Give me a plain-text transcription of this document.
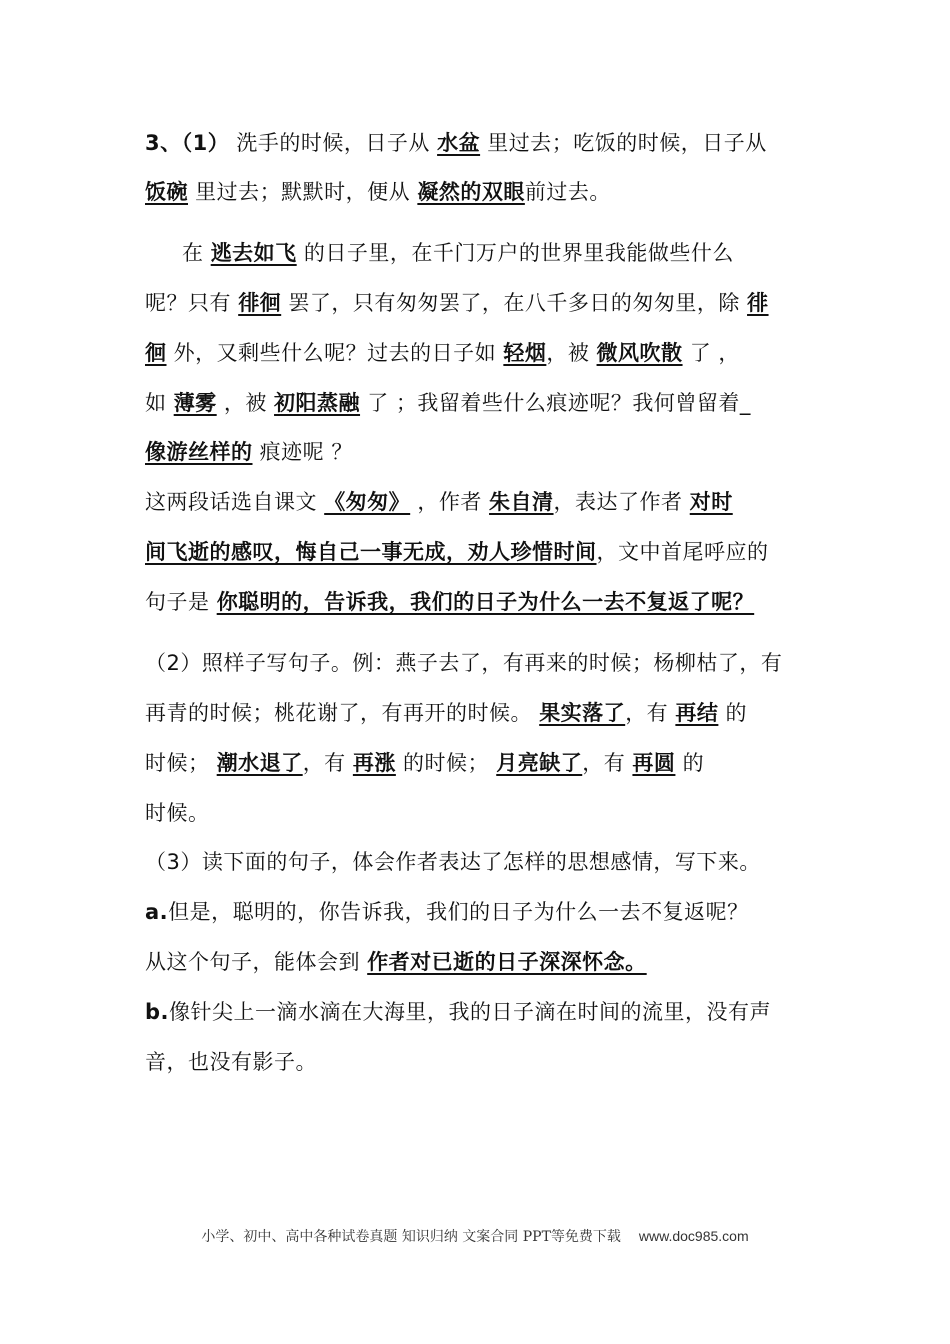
3、（1） 洗手的时候，日子从 水盆 里过去；吃饭的时候，日子从
饭碗 里过去；默默时，便从 凝然的双眼前过去。
在 逃去如飞 的日子里，在千门万户的世界里我能做些什么
呢？只有 徘徊 罢了，只有匆匆罢了，在八千多日的匆匆里，除 徘
徊 外，又剩些什么呢？过去的日子如 轻烟，被 微风吹散 了 ，
如 薄雾 ，被 初阳蒸融 了 ；我留着些什么痕迹呢？我何曾留着_
像游丝样的 痕迹呢 ？
这两段话选自课文 《匆匆》 ，作者 朱自清，表达了作者 对时
间飞逝的感叹，悔自己一事无成，劝人珍惜时间，文中首尾呼应的
句子是 你聪明的，告诉我，我们的日子为什么一去不复返了呢？
（2）照样子写句子。例：燕子去了，有再来的时候；杨柳枯了，有
再青的时候；桃花谢了，有再开的时候。 果实落了，有 再结 的
时候； 潮水退了，有 再涨 的时候； 月亮缺了，有 再圆 的
时候。
（3）读下面的句子，体会作者表达了怎样的思想感情，写下来。
a.但是，聪明的，你告诉我，我们的日子为什么一去不复返呢？
从这个句子，能体会到 作者对已逝的日子深深怀念。
b.像针尖上一滴水滴在大海里，我的日子滴在时间的流里，没有声
音，也没有影子。
小学、初中、高中各种试卷真题 知识归纳 文案合同 PPT等免费下载 www.doc985.com
